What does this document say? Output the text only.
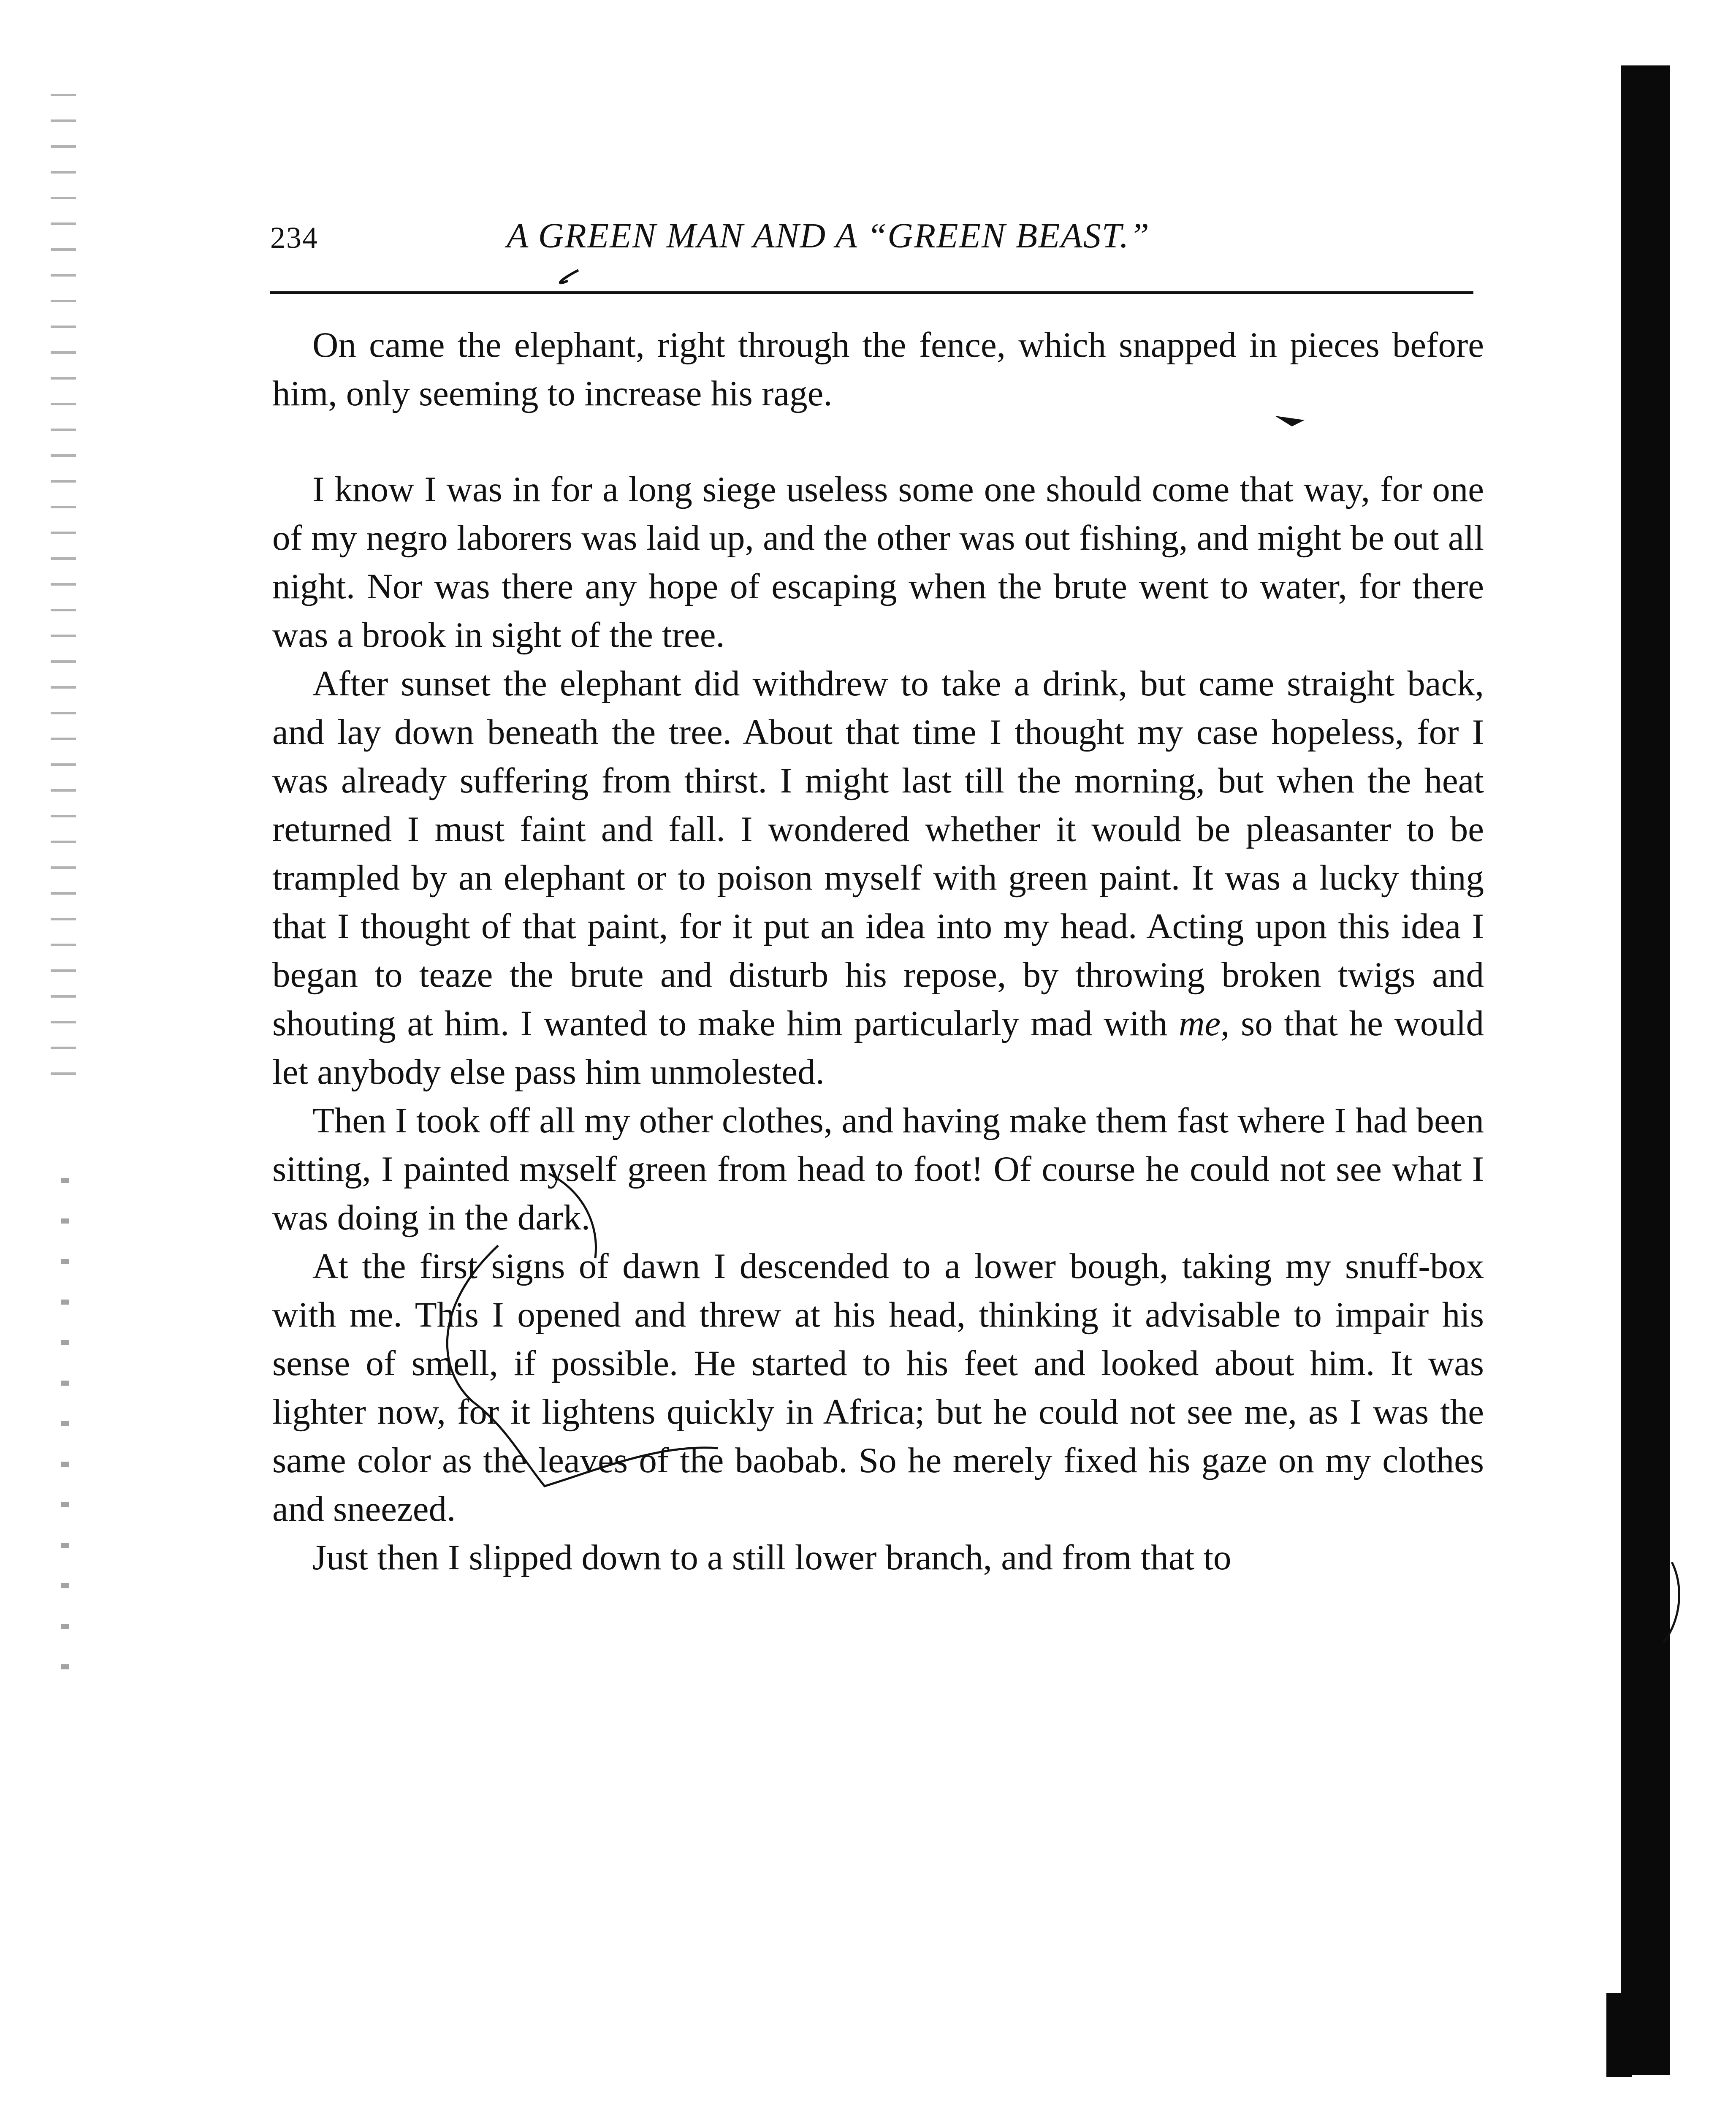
234	A GREEN MAN AND A “GREEN BEAST.”

On came the elephant, right through the fence, which snapped in pieces before him, only seeming to increase his rage.

I know I was in for a long siege useless some one should come that way, for one of my negro laborers was laid up, and the other was out fishing, and might be out all night. Nor was there any hope of escaping when the brute went to water, for there was a brook in sight of the tree.

After sunset the elephant did withdrew to take a drink, but came straight back, and lay down beneath the tree. About that time I thought my case hopeless, for I was already suffering from thirst. I might last till the morning, but when the heat returned I must faint and fall. I wondered whether it would be pleasanter to be trampled by an elephant or to poison myself with green paint. It was a lucky thing that I thought of that paint, for it put an idea into my head. Acting upon this idea I began to teaze the brute and disturb his repose, by throwing broken twigs and shouting at him. I wanted to make him particularly mad with me, so that he would let anybody else pass him unmolested.

Then I took off all my other clothes, and having make them fast where I had been sitting, I painted myself green from head to foot! Of course he could not see what I was doing in the dark.

At the first signs of dawn I descended to a lower bough, taking my snuff-box with me. This I opened and threw at his head, thinking it advisable to impair his sense of smell, if possible. He started to his feet and looked about him. It was lighter now, for it lightens quickly in Africa; but he could not see me, as I was the same color as the leaves of the baobab. So he merely fixed his gaze on my clothes and sneezed.

Just then I slipped down to a still lower branch, and from that to
